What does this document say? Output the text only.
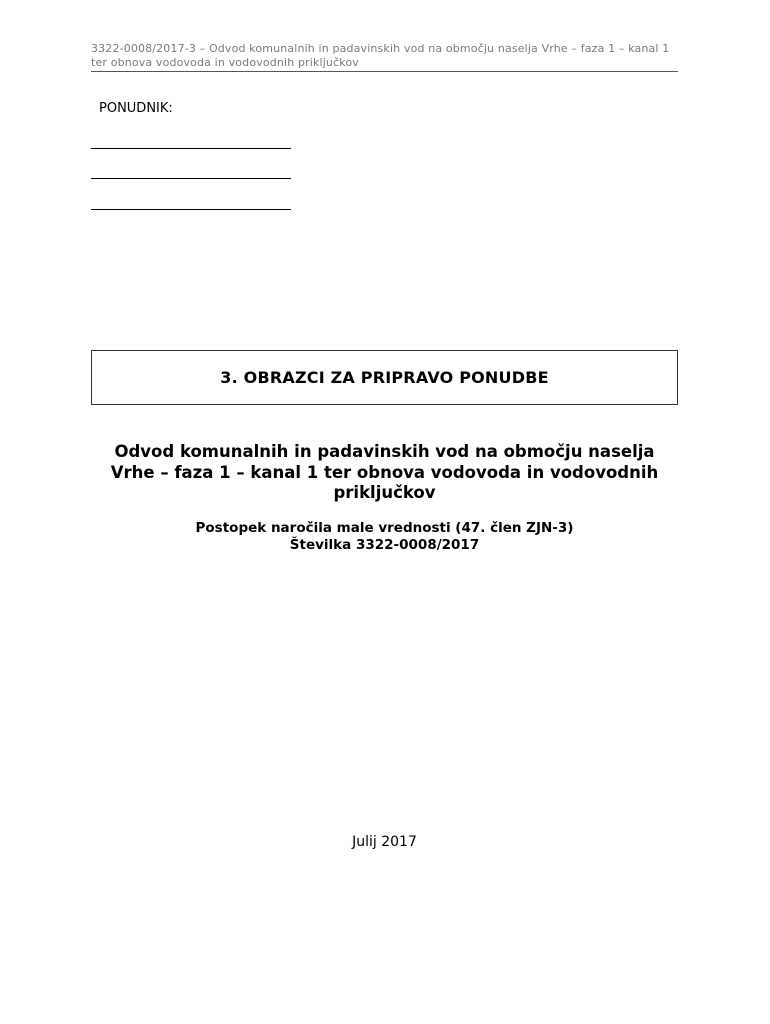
3322-0008/2017-3 – Odvod komunalnih in padavinskih vod na območju naselja Vrhe – faza 1 – kanal 1 ter obnova vodovoda in vodovodnih priključkov
PONUDNIK:
3. OBRAZCI ZA PRIPRAVO PONUDBE
Odvod komunalnih in padavinskih vod na območju naselja Vrhe – faza 1 – kanal 1 ter obnova vodovoda in vodovodnih priključkov
Postopek naročila male vrednosti (47. člen ZJN-3)
Številka 3322-0008/2017
Julij 2017
